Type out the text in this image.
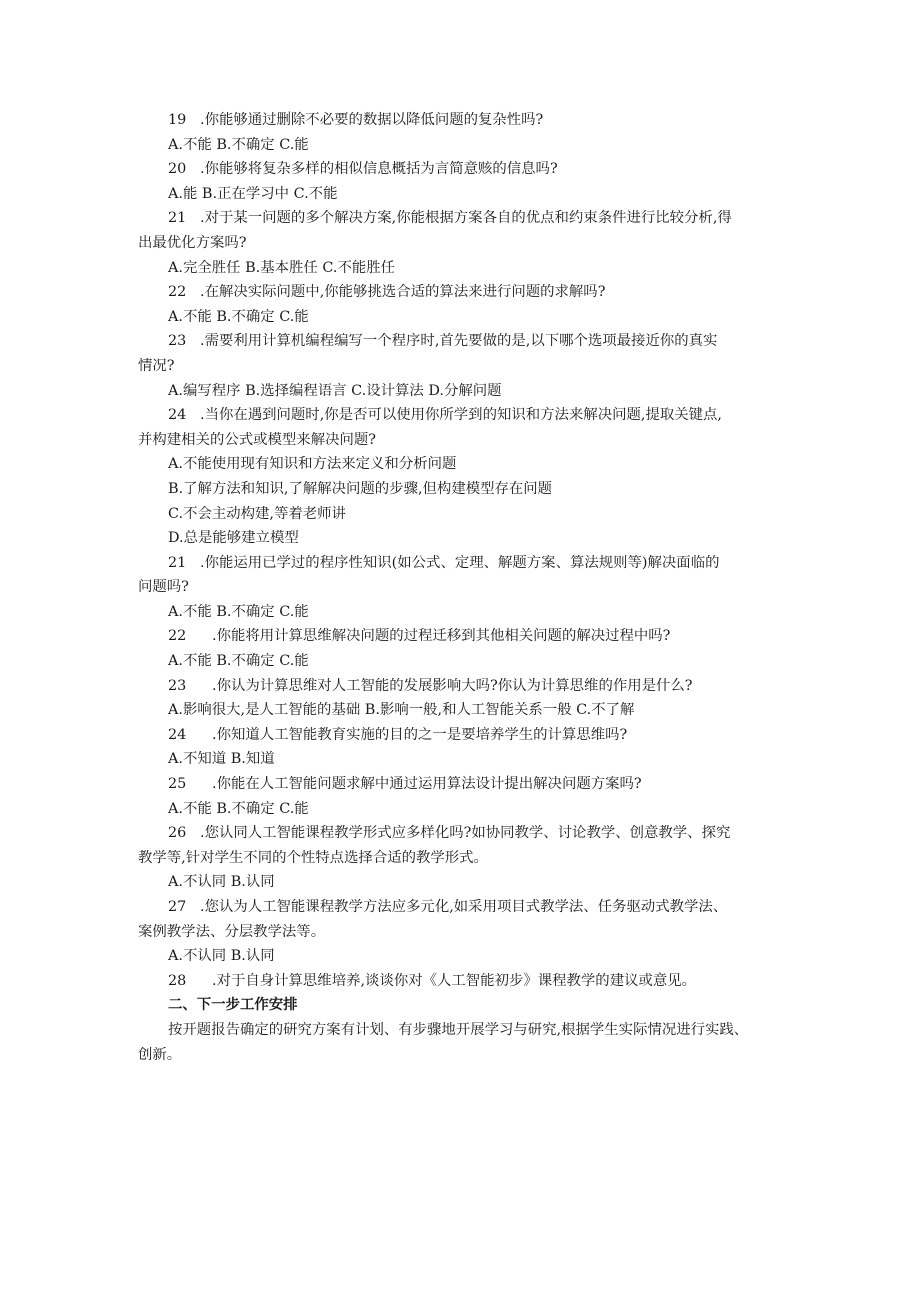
19 .你能够通过删除不必要的数据以降低问题的复杂性吗?
A.不能 B.不确定 C.能
20 .你能够将复杂多样的相似信息概括为言简意赅的信息吗?
A.能 B.正在学习中 C.不能
21 .对于某一问题的多个解决方案,你能根据方案各自的优点和约束条件进行比较分析,得
出最优化方案吗?
A.完全胜任 B.基本胜任 C.不能胜任
22 .在解决实际问题中,你能够挑选合适的算法来进行问题的求解吗?
A.不能 B.不确定 C.能
23 .需要利用计算机编程编写一个程序时,首先要做的是,以下哪个选项最接近你的真实
情况?
A.编写程序 B.选择编程语言 C.设计算法 D.分解问题
24 .当你在遇到问题时,你是否可以使用你所学到的知识和方法来解决问题,提取关键点,
并构建相关的公式或模型来解决问题?
A.不能使用现有知识和方法来定义和分析问题
B.了解方法和知识,了解解决问题的步骤,但构建模型存在问题
C.不会主动构建,等着老师讲
D.总是能够建立模型
21 .你能运用已学过的程序性知识(如公式、定理、解题方案、算法规则等)解决面临的
问题吗?
A.不能 B.不确定 C.能
22 .你能将用计算思维解决问题的过程迁移到其他相关问题的解决过程中吗?
A.不能 B.不确定 C.能
23 .你认为计算思维对人工智能的发展影响大吗?你认为计算思维的作用是什么?
A.影响很大,是人工智能的基础 B.影响一般,和人工智能关系一般 C.不了解
24 .你知道人工智能教育实施的目的之一是要培养学生的计算思维吗?
A.不知道 B.知道
25 .你能在人工智能问题求解中通过运用算法设计提出解决问题方案吗?
A.不能 B.不确定 C.能
26 .您认同人工智能课程教学形式应多样化吗?如协同教学、讨论教学、创意教学、探究
教学等,针对学生不同的个性特点选择合适的教学形式。
A.不认同 B.认同
27 .您认为人工智能课程教学方法应多元化,如采用项目式教学法、任务驱动式教学法、
案例教学法、分层教学法等。
A.不认同 B.认同
28 .对于自身计算思维培养,谈谈你对《人工智能初步》课程教学的建议或意见。
二、下一步工作安排
按开题报告确定的研究方案有计划、有步骤地开展学习与研究,根据学生实际情况进行实践、
创新。
